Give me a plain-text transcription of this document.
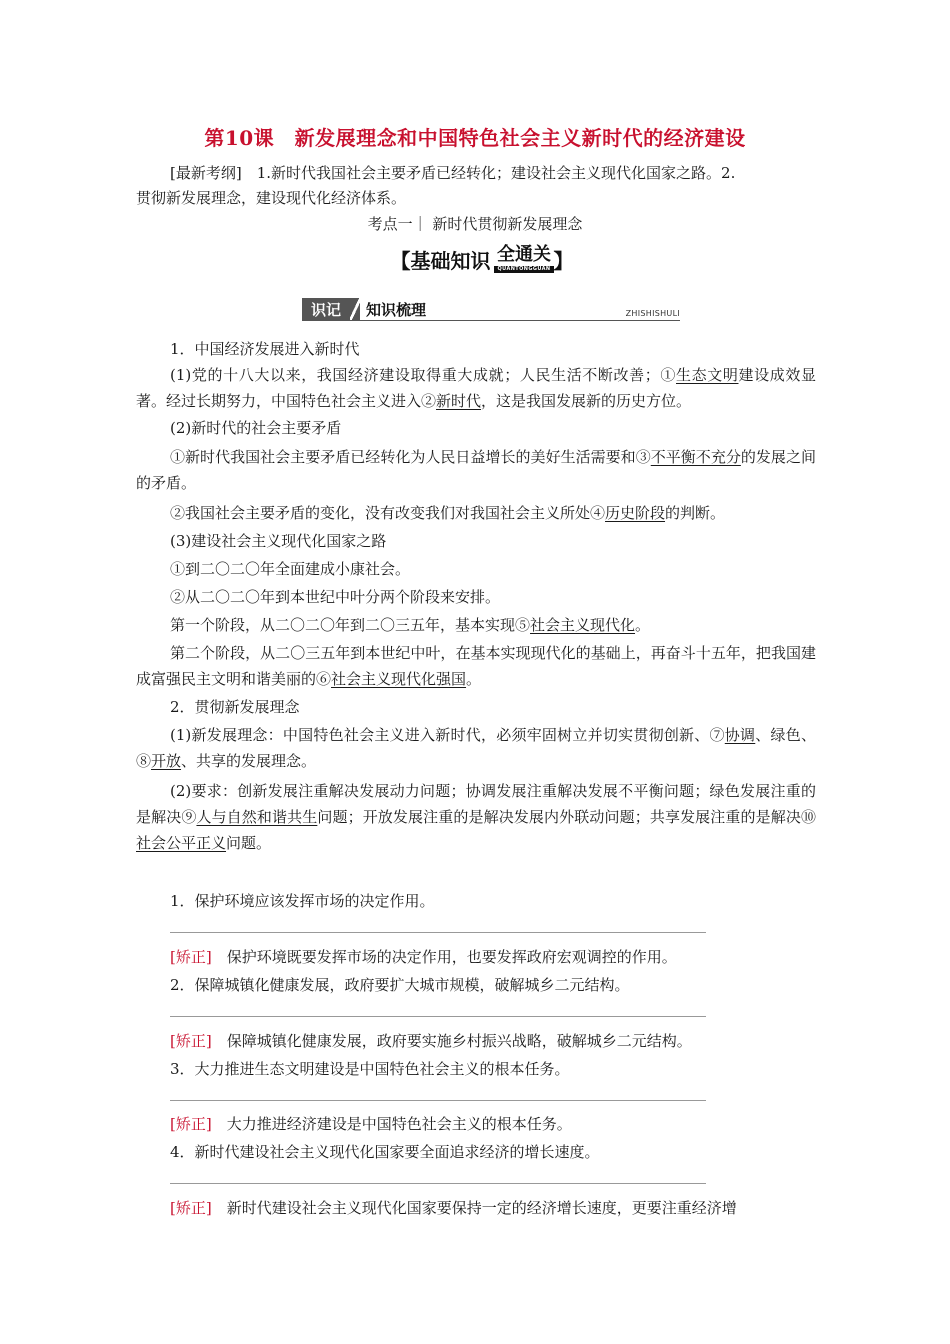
第10课　新发展理念和中国特色社会主义新时代的经济建设
[最新考纲]　1.新时代我国社会主要矛盾已经转化；建设社会主义现代化国家之路。2.
贯彻新发展理念，建设现代化经济体系。
考点一｜ 新时代贯彻新发展理念
【基础知识 全通关
QUANTONGGUAN 】
识记	知识梳理	ZHISHISHULI
1．中国经济发展进入新时代
(1)党的十八大以来，我国经济建设取得重大成就；人民生活不断改善；①生态文明建设成效显著。经过长期努力，中国特色社会主义进入②新时代，这是我国发展新的历史方位。
(2)新时代的社会主要矛盾
①新时代我国社会主要矛盾已经转化为人民日益增长的美好生活需要和③不平衡不充分的发展之间的矛盾。
②我国社会主要矛盾的变化，没有改变我们对我国社会主义所处④历史阶段的判断。
(3)建设社会主义现代化国家之路
①到二〇二〇年全面建成小康社会。
②从二〇二〇年到本世纪中叶分两个阶段来安排。
第一个阶段，从二〇二〇年到二〇三五年，基本实现⑤社会主义现代化。
第二个阶段，从二〇三五年到本世纪中叶，在基本实现现代化的基础上，再奋斗十五年，把我国建成富强民主文明和谐美丽的⑥社会主义现代化强国。
2．贯彻新发展理念
(1)新发展理念：中国特色社会主义进入新时代，必须牢固树立并切实贯彻创新、⑦协调、绿色、⑧开放、共享的发展理念。
(2)要求：创新发展注重解决发展动力问题；协调发展注重解决发展不平衡问题；绿色发展注重的是解决⑨人与自然和谐共生问题；开放发展注重的是解决发展内外联动问题；共享发展注重的是解决⑩社会公平正义问题。
1．保护环境应该发挥市场的决定作用。
[矫正]　保护环境既要发挥市场的决定作用，也要发挥政府宏观调控的作用。
2．保障城镇化健康发展，政府要扩大城市规模，破解城乡二元结构。
[矫正]　保障城镇化健康发展，政府要实施乡村振兴战略，破解城乡二元结构。
3．大力推进生态文明建设是中国特色社会主义的根本任务。
[矫正]　大力推进经济建设是中国特色社会主义的根本任务。
4．新时代建设社会主义现代化国家要全面追求经济的增长速度。
[矫正]　新时代建设社会主义现代化国家要保持一定的经济增长速度，更要注重经济增
